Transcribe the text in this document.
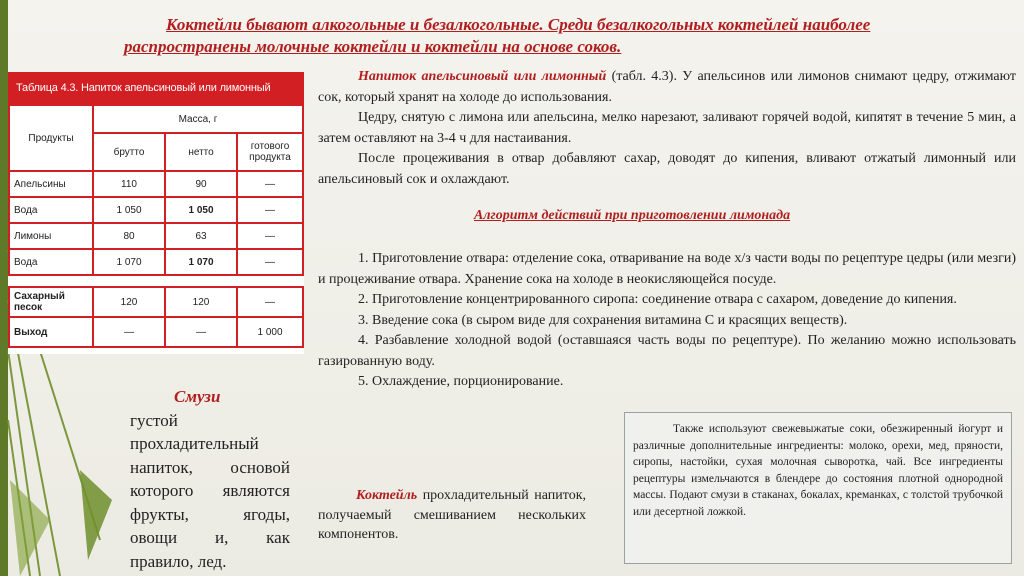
Коктейли бывают алкогольные и безалкогольные. Среди безалкогольных коктейлей наиболее
распространены молочные коктейли и коктейли на основе соков.
Таблица 4.3. Напиток апельсиновый или лимонный
Продукты	Масса, г		
	брутто	нетто	готового продукта
Апельсины	110	90	—
Вода	1 050	1 050	—
Лимоны	80	63	—
Вода	1 070	1 070	—
Сахарный песок	120	120	—
Выход	—	—	1 000
Напиток апельсиновый или лимонный (табл. 4.3). У апельсинов или лимонов снимают цедру, отжимают сок, который хранят на холоде до использования.
Цедру, снятую с лимона или апельсина, мелко нарезают, заливают горячей водой, кипятят в течение 5 мин, а затем оставляют на 3-4 ч для настаивания.
После процеживания в отвар добавляют сахар, доводят до кипения, вливают отжатый лимонный или апельсиновый сок и охлаждают.
Алгоритм действий при приготовлении лимонада
1. Приготовление отвара: отделение сока, отваривание на воде х/з части воды по рецептуре цедры (или мезги) и процеживание отвара. Хранение сока на холоде в неокисляющейся посуде.
2. Приготовление концентрированного сиропа: соединение отвара с сахаром, доведение до кипения.
3. Введение сока (в сыром виде для сохранения витамина С и красящих веществ).
4. Разбавление холодной водой (оставшаяся часть воды по рецептуре). По желанию можно использовать газированную воду.
5. Охлаждение, порционирование.
Смузи
густой прохладительный напиток, основой которого являются фрукты, ягоды, овощи и, как правило, лед.
Коктейль прохладительный напиток, получаемый смешиванием нескольких компонентов.
Также используют свежевыжатые соки, обезжиренный йогурт и различные дополнительные ингредиенты: молоко, орехи, мед, пряности, сиропы, настойки, сухая молочная сыворотка, чай. Все ингредиенты рецептуры измельчаются в блендере до состояния плотной однородной массы. Подают смузи в стаканах, бокалах, креманках, с толстой трубочкой или десертной ложкой.
